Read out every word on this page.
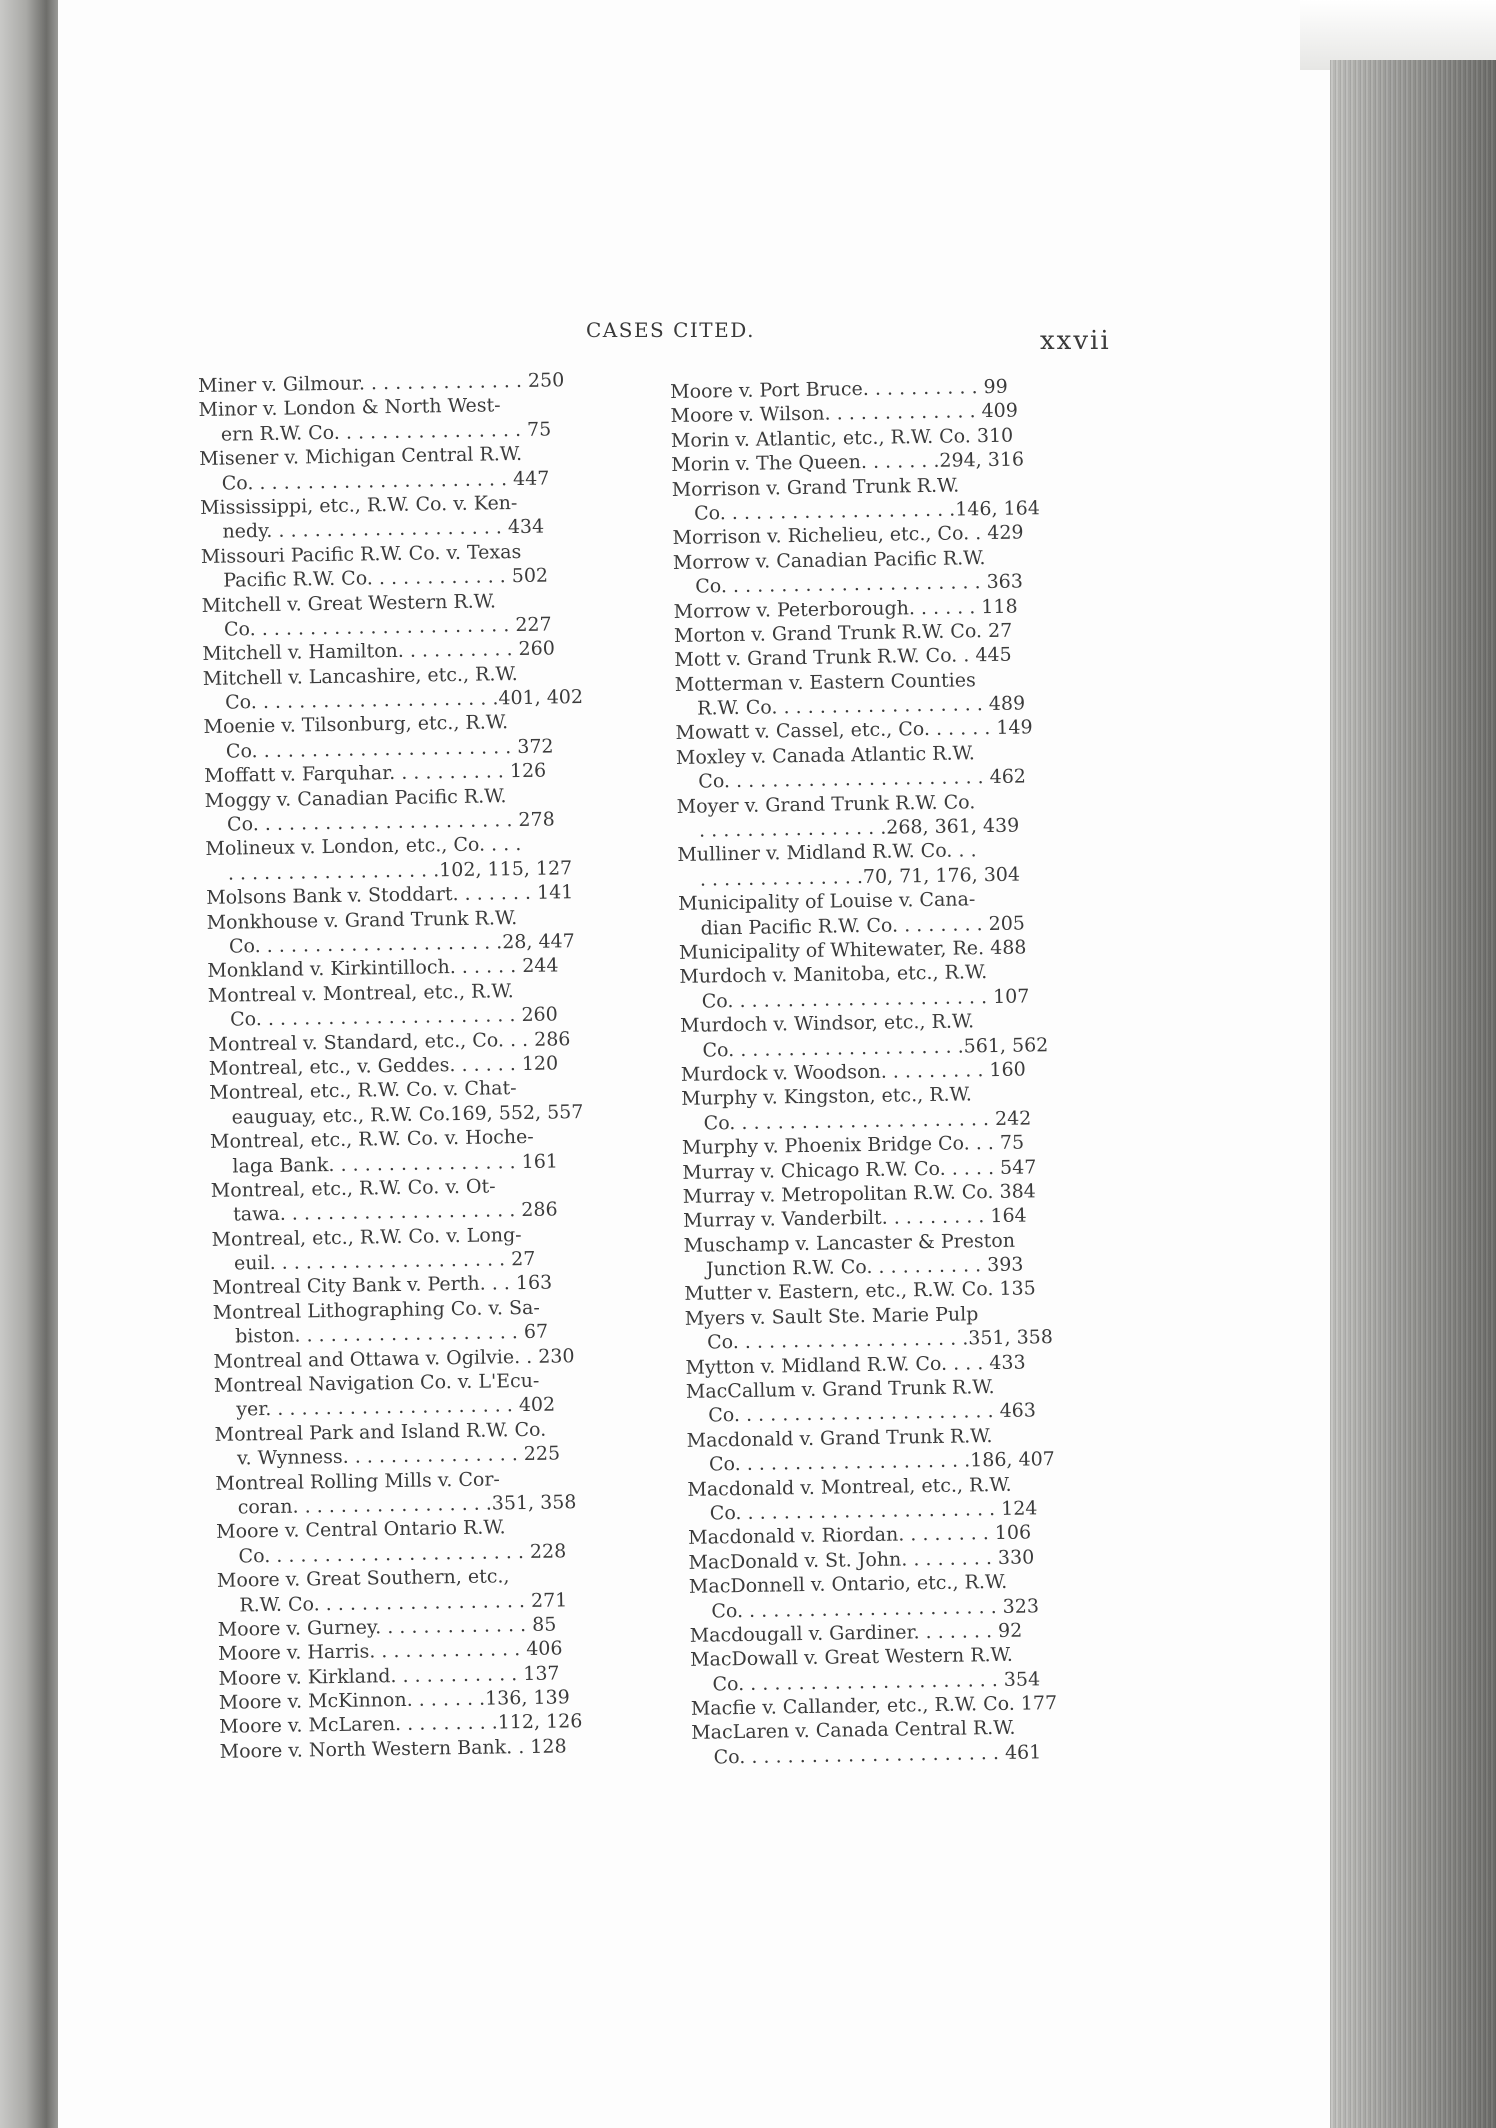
CASES CITED.	xxvii
Miner v. Gilmour. . . . . . . . . . . . . . 250
Minor v. London & North West-
ern R.W. Co. . . . . . . . . . . . . . . . 75
Misener v. Michigan Central R.W.
Co. . . . . . . . . . . . . . . . . . . . . . 447
Mississippi, etc., R.W. Co. v. Ken-
nedy. . . . . . . . . . . . . . . . . . . . 434
Missouri Pacific R.W. Co. v. Texas
Pacific R.W. Co. . . . . . . . . . . . 502
Mitchell v. Great Western R.W.
Co. . . . . . . . . . . . . . . . . . . . . . 227
Mitchell v. Hamilton. . . . . . . . . . 260
Mitchell v. Lancashire, etc., R.W.
Co. . . . . . . . . . . . . . . . . . . . .401, 402
Moenie v. Tilsonburg, etc., R.W.
Co. . . . . . . . . . . . . . . . . . . . . . 372
Moffatt v. Farquhar. . . . . . . . . . 126
Moggy v. Canadian Pacific R.W.
Co. . . . . . . . . . . . . . . . . . . . . . 278
Molineux v. London, etc., Co. . . .
. . . . . . . . . . . . . . . . . .102, 115, 127
Molsons Bank v. Stoddart. . . . . . . 141
Monkhouse v. Grand Trunk R.W.
Co. . . . . . . . . . . . . . . . . . . . .28, 447
Monkland v. Kirkintilloch. . . . . . 244
Montreal v. Montreal, etc., R.W.
Co. . . . . . . . . . . . . . . . . . . . . . 260
Montreal v. Standard, etc., Co. . . 286
Montreal, etc., v. Geddes. . . . . . 120
Montreal, etc., R.W. Co. v. Chat-
eauguay, etc., R.W. Co.169, 552, 557
Montreal, etc., R.W. Co. v. Hoche-
laga Bank. . . . . . . . . . . . . . . . 161
Montreal, etc., R.W. Co. v. Ot-
tawa. . . . . . . . . . . . . . . . . . . . 286
Montreal, etc., R.W. Co. v. Long-
euil. . . . . . . . . . . . . . . . . . . . 27
Montreal City Bank v. Perth. . . 163
Montreal Lithographing Co. v. Sa-
biston. . . . . . . . . . . . . . . . . . . 67
Montreal and Ottawa v. Ogilvie. . 230
Montreal Navigation Co. v. L'Ecu-
yer. . . . . . . . . . . . . . . . . . . . . 402
Montreal Park and Island R.W. Co.
v. Wynness. . . . . . . . . . . . . . . 225
Montreal Rolling Mills v. Cor-
coran. . . . . . . . . . . . . . . . .351, 358
Moore v. Central Ontario R.W.
Co. . . . . . . . . . . . . . . . . . . . . . 228
Moore v. Great Southern, etc.,
R.W. Co. . . . . . . . . . . . . . . . . . 271
Moore v. Gurney. . . . . . . . . . . . . 85
Moore v. Harris. . . . . . . . . . . . . 406
Moore v. Kirkland. . . . . . . . . . . 137
Moore v. McKinnon. . . . . . .136, 139
Moore v. McLaren. . . . . . . . .112, 126
Moore v. North Western Bank. . 128
Moore v. Port Bruce. . . . . . . . . . 99
Moore v. Wilson. . . . . . . . . . . . . 409
Morin v. Atlantic, etc., R.W. Co. 310
Morin v. The Queen. . . . . . .294, 316
Morrison v. Grand Trunk R.W.
Co. . . . . . . . . . . . . . . . . . . .146, 164
Morrison v. Richelieu, etc., Co. . 429
Morrow v. Canadian Pacific R.W.
Co. . . . . . . . . . . . . . . . . . . . . . 363
Morrow v. Peterborough. . . . . . 118
Morton v. Grand Trunk R.W. Co. 27
Mott v. Grand Trunk R.W. Co. . 445
Motterman v. Eastern Counties
R.W. Co. . . . . . . . . . . . . . . . . . 489
Mowatt v. Cassel, etc., Co. . . . . . 149
Moxley v. Canada Atlantic R.W.
Co. . . . . . . . . . . . . . . . . . . . . . 462
Moyer v. Grand Trunk R.W. Co.
. . . . . . . . . . . . . . . .268, 361, 439
Mulliner v. Midland R.W. Co. . .
. . . . . . . . . . . . . .70, 71, 176, 304
Municipality of Louise v. Cana-
dian Pacific R.W. Co. . . . . . . . 205
Municipality of Whitewater, Re. 488
Murdoch v. Manitoba, etc., R.W.
Co. . . . . . . . . . . . . . . . . . . . . . 107
Murdoch v. Windsor, etc., R.W.
Co. . . . . . . . . . . . . . . . . . . .561, 562
Murdock v. Woodson. . . . . . . . . 160
Murphy v. Kingston, etc., R.W.
Co. . . . . . . . . . . . . . . . . . . . . . 242
Murphy v. Phoenix Bridge Co. . . 75
Murray v. Chicago R.W. Co. . . . . 547
Murray v. Metropolitan R.W. Co. 384
Murray v. Vanderbilt. . . . . . . . . 164
Muschamp v. Lancaster & Preston
Junction R.W. Co. . . . . . . . . . 393
Mutter v. Eastern, etc., R.W. Co. 135
Myers v. Sault Ste. Marie Pulp
Co. . . . . . . . . . . . . . . . . . . .351, 358
Mytton v. Midland R.W. Co. . . . 433
MacCallum v. Grand Trunk R.W.
Co. . . . . . . . . . . . . . . . . . . . . . 463
Macdonald v. Grand Trunk R.W.
Co. . . . . . . . . . . . . . . . . . . .186, 407
Macdonald v. Montreal, etc., R.W.
Co. . . . . . . . . . . . . . . . . . . . . . 124
Macdonald v. Riordan. . . . . . . . 106
MacDonald v. St. John. . . . . . . . 330
MacDonnell v. Ontario, etc., R.W.
Co. . . . . . . . . . . . . . . . . . . . . . 323
Macdougall v. Gardiner. . . . . . . 92
MacDowall v. Great Western R.W.
Co. . . . . . . . . . . . . . . . . . . . . . 354
Macfie v. Callander, etc., R.W. Co. 177
MacLaren v. Canada Central R.W.
Co. . . . . . . . . . . . . . . . . . . . . . 461
